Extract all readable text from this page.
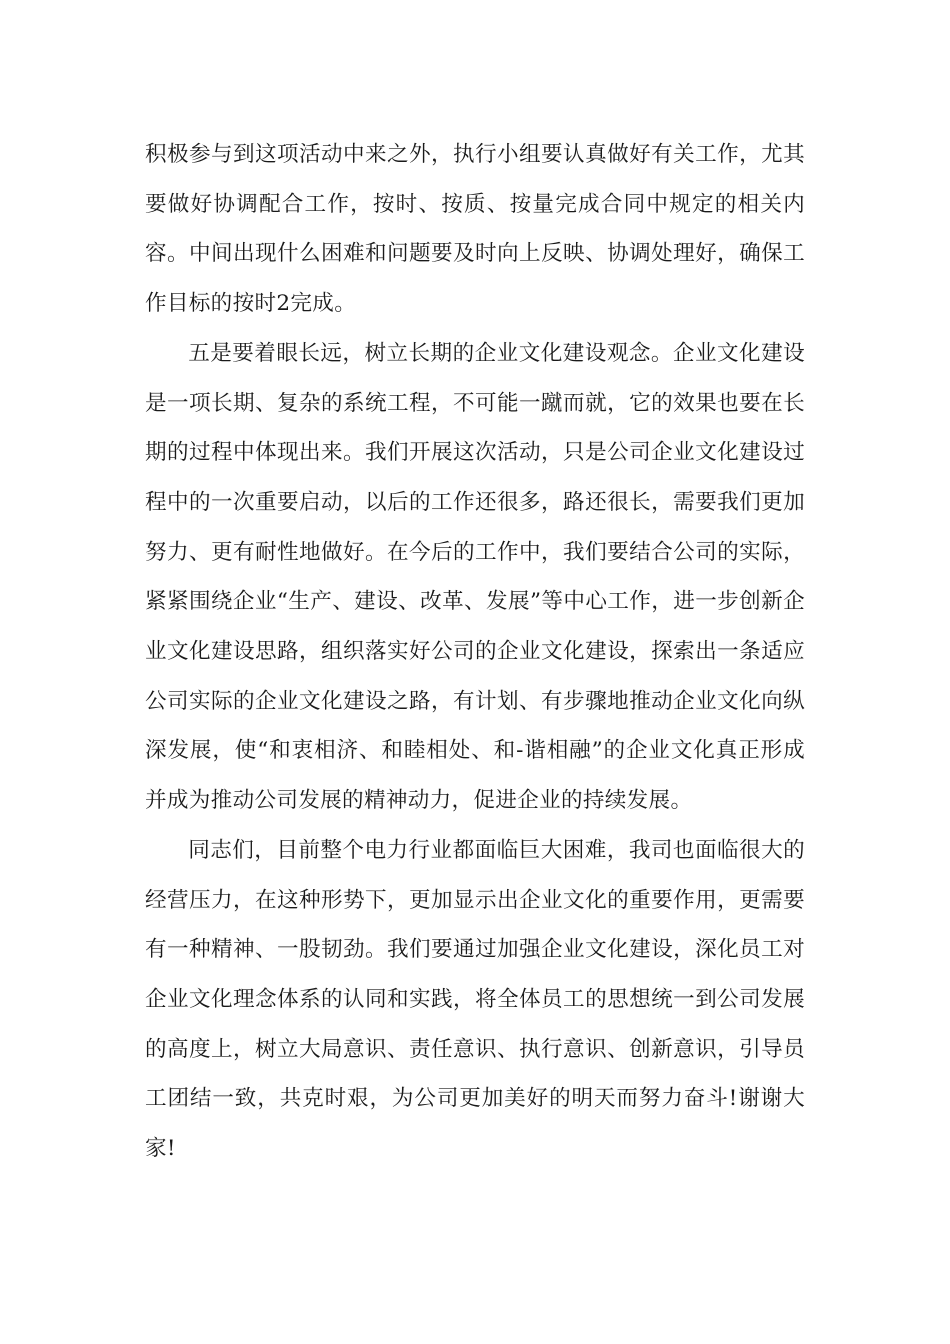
积极参与到这项活动中来之外，执行小组要认真做好有关工作，尤其要做好协调配合工作，按时、按质、按量完成合同中规定的相关内容。中间出现什么困难和问题要及时向上反映、协调处理好，确保工作目标的按时2完成。

五是要着眼长远，树立长期的企业文化建设观念。企业文化建设是一项长期、复杂的系统工程，不可能一蹴而就，它的效果也要在长期的过程中体现出来。我们开展这次活动，只是公司企业文化建设过程中的一次重要启动，以后的工作还很多，路还很长，需要我们更加努力、更有耐性地做好。在今后的工作中，我们要结合公司的实际，紧紧围绕企业“生产、建设、改革、发展”等中心工作，进一步创新企业文化建设思路，组织落实好公司的企业文化建设，探索出一条适应公司实际的企业文化建设之路，有计划、有步骤地推动企业文化向纵深发展，使“和衷相济、和睦相处、和-谐相融”的企业文化真正形成并成为推动公司发展的精神动力，促进企业的持续发展。

同志们，目前整个电力行业都面临巨大困难，我司也面临很大的经营压力，在这种形势下，更加显示出企业文化的重要作用，更需要有一种精神、一股韧劲。我们要通过加强企业文化建设，深化员工对企业文化理念体系的认同和实践，将全体员工的思想统一到公司发展的高度上，树立大局意识、责任意识、执行意识、创新意识，引导员工团结一致，共克时艰，为公司更加美好的明天而努力奋斗!谢谢大家!
